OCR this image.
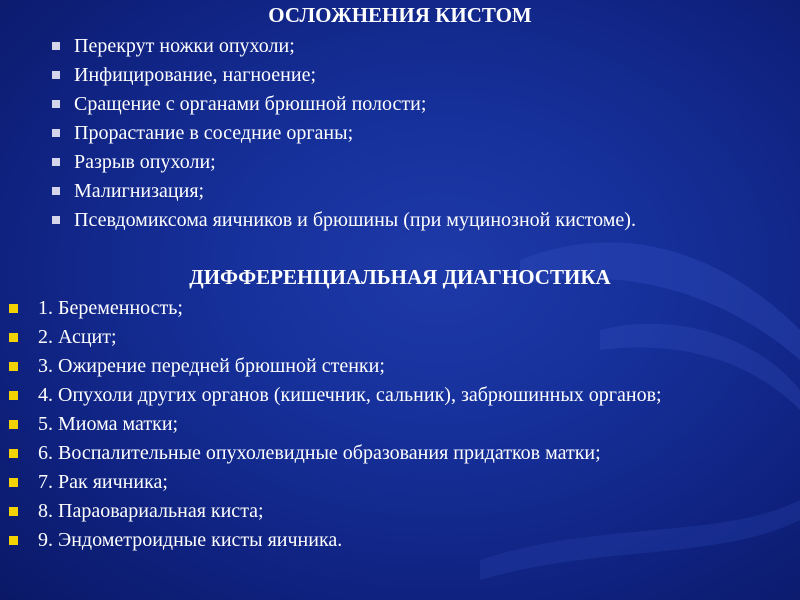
ОСЛОЖНЕНИЯ КИСТОМ
Перекрут ножки опухоли;
Инфицирование, нагноение;
Сращение с органами брюшной полости;
Прорастание в соседние органы;
Разрыв опухоли;
Малигнизация;
Псевдомиксома яичников и брюшины (при муцинозной кистоме).
ДИФФЕРЕНЦИАЛЬНАЯ ДИАГНОСТИКА
1. Беременность;
2. Асцит;
3. Ожирение передней брюшной стенки;
4. Опухоли других органов (кишечник, сальник), забрюшинных органов;
5. Миома матки;
6. Воспалительные опухолевидные образования придатков матки;
7. Рак яичника;
8. Параовариальная киста;
9. Эндометроидные кисты яичника.
